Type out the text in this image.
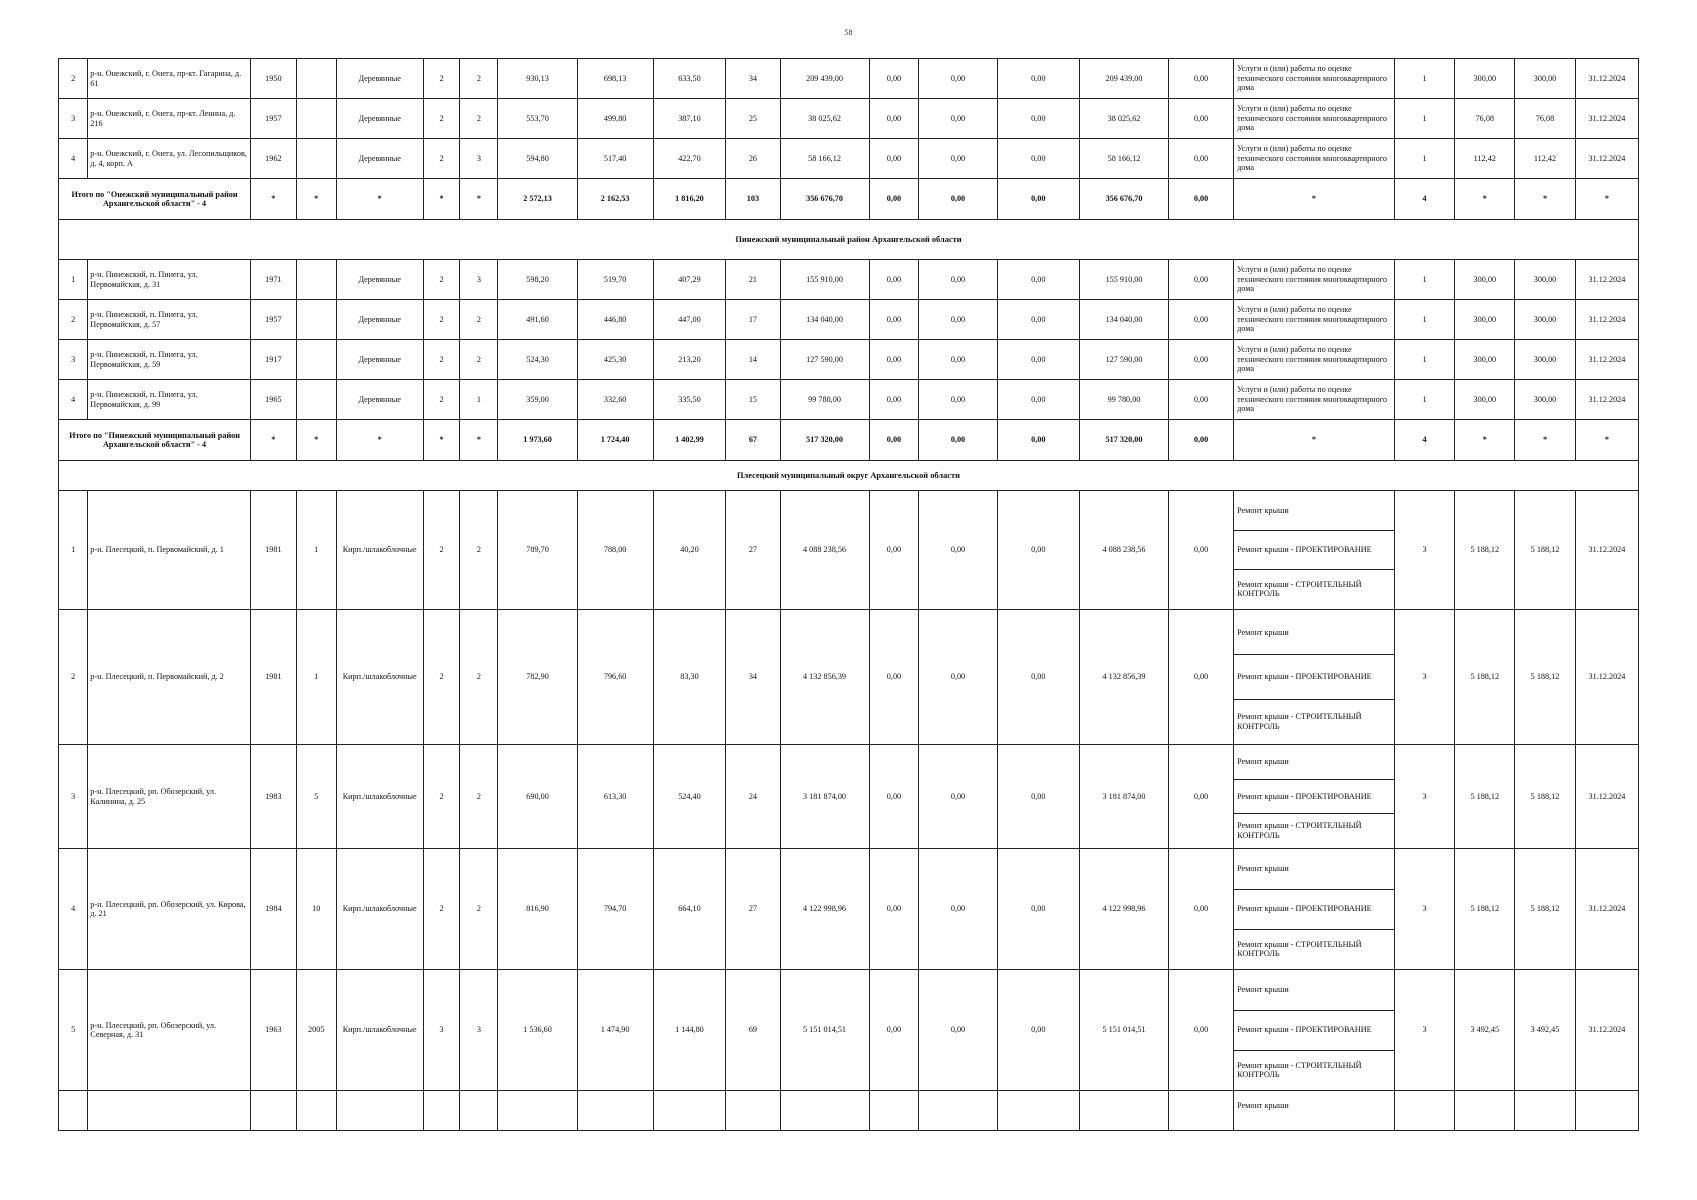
58
2	р-н. Онежский, г. Онега, пр-кт. Гагарина, д. 61	1950		Деревянные	2	2	930,13	698,13	633,50	34	209 439,00	0,00	0,00	0,00	209 439,00	0,00	Услуги и (или) работы по оценке технического состояния многоквартирного дома	1	300,00	300,00	31.12.2024
3	р-н. Онежский, г. Онега, пр-кт. Ленина, д. 216	1957		Деревянные	2	2	553,70	499,80	387,10	25	38 025,62	0,00	0,00	0,00	38 025,62	0,00	Услуги и (или) работы по оценке технического состояния многоквартирного дома	1	76,08	76,08	31.12.2024
4	р-н. Онежский, г. Онега, ул. Лесопильщиков, д. 4, корп. А	1962		Деревянные	2	3	594,80	517,40	422,70	26	58 166,12	0,00	0,00	0,00	58 166,12	0,00	Услуги и (или) работы по оценке технического состояния многоквартирного дома	1	112,42	112,42	31.12.2024
Итого по "Онежский муниципальный район Архангельской области" - 4		*	*	*	*	*	2 572,13	2 162,53	1 816,20	103	356 676,70	0,00	0,00	0,00	356 676,70	0,00	*	4	*	*	*
Пинежский муниципальный район Архангельской области																					
1	р-н. Пинежский, п. Пинега, ул. Первомайская, д. 31	1971		Деревянные	2	3	598,20	519,70	407,29	21	155 910,00	0,00	0,00	0,00	155 910,00	0,00	Услуги и (или) работы по оценке технического состояния многоквартирного дома	1	300,00	300,00	31.12.2024
2	р-н. Пинежский, п. Пинега, ул. Первомайская, д. 57	1957		Деревянные	2	2	491,60	446,80	447,00	17	134 040,00	0,00	0,00	0,00	134 040,00	0,00	Услуги и (или) работы по оценке технического состояния многоквартирного дома	1	300,00	300,00	31.12.2024
3	р-н. Пинежский, п. Пинега, ул. Первомайская, д. 59	1917		Деревянные	2	2	524,30	425,30	213,20	14	127 590,00	0,00	0,00	0,00	127 590,00	0,00	Услуги и (или) работы по оценке технического состояния многоквартирного дома	1	300,00	300,00	31.12.2024
4	р-н. Пинежский, п. Пинега, ул. Первомайская, д. 99	1965		Деревянные	2	1	359,00	332,60	335,50	15	99 780,00	0,00	0,00	0,00	99 780,00	0,00	Услуги и (или) работы по оценке технического состояния многоквартирного дома	1	300,00	300,00	31.12.2024
Итого по "Пинежский муниципальный район Архангельской области" - 4		*	*	*	*	*	1 973,60	1 724,40	1 402,99	67	517 320,00	0,00	0,00	0,00	517 320,00	0,00	*	4	*	*	*
Плесецкий муниципальный округ Архангельской области																					
1	р-н. Плесецкий, п. Первомайский, д. 1	1981	1	Кирп./шлакоблочные	2	2	789,70	788,00	40,20	27	4 088 238,56	0,00	0,00	0,00	4 088 238,56	0,00	Ремонт крыши
Ремонт крыши - ПРОЕКТИРОВАНИЕ
Ремонт крыши - СТРОИТЕЛЬНЫЙ КОНТРОЛЬ	3	5 188,12	5 188,12	31.12.2024
2	р-н. Плесецкий, п. Первомайский, д. 2	1981	1	Кирп./шлакоблочные	2	2	782,90	796,60	83,30	34	4 132 856,39	0,00	0,00	0,00	4 132 856,39	0,00	Ремонт крыши
Ремонт крыши - ПРОЕКТИРОВАНИЕ
Ремонт крыши - СТРОИТЕЛЬНЫЙ КОНТРОЛЬ	3	5 188,12	5 188,12	31.12.2024
3	р-н. Плесецкий, рп. Обозерский, ул. Калинина, д. 25	1983	5	Кирп./шлакоблочные	2	2	690,00	613,30	524,40	24	3 181 874,00	0,00	0,00	0,00	3 181 874,00	0,00	Ремонт крыши
Ремонт крыши - ПРОЕКТИРОВАНИЕ
Ремонт крыши - СТРОИТЕЛЬНЫЙ КОНТРОЛЬ	3	5 188,12	5 188,12	31.12.2024
4	р-н. Плесецкий, рп. Обозерский, ул. Кирова, д. 21	1984	10	Кирп./шлакоблочные	2	2	816,90	794,70	664,10	27	4 122 998,96	0,00	0,00	0,00	4 122 998,96	0,00	Ремонт крыши
Ремонт крыши - ПРОЕКТИРОВАНИЕ
Ремонт крыши - СТРОИТЕЛЬНЫЙ КОНТРОЛЬ	3	5 188,12	5 188,12	31.12.2024
5	р-н. Плесецкий, рп. Обозерский, ул. Северная, д. 31	1963	2005	Кирп./шлакоблочные	3	3	1 536,60	1 474,90	1 144,80	69	5 151 014,51	0,00	0,00	0,00	5 151 014,51	0,00	Ремонт крыши
Ремонт крыши - ПРОЕКТИРОВАНИЕ
Ремонт крыши - СТРОИТЕЛЬНЫЙ КОНТРОЛЬ	3	3 492,45	3 492,45	31.12.2024
																	Ремонт крыши				
